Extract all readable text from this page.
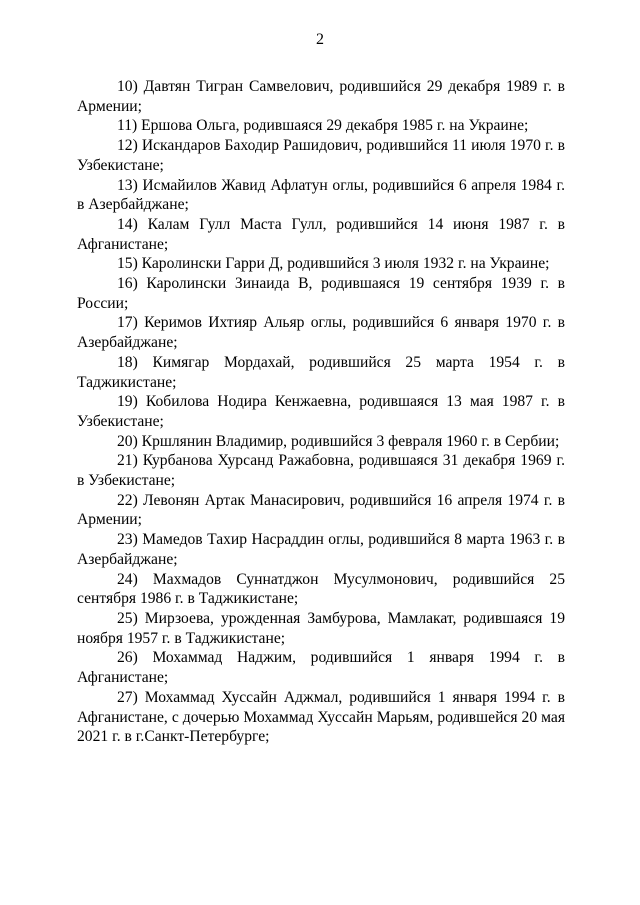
2

10) Давтян Тигран Самвелович, родившийся 29 декабря 1989 г. в Армении;

11) Ершова Ольга, родившаяся 29 декабря 1985 г. на Украине;

12) Искандаров Баходир Рашидович, родившийся 11 июля 1970 г. в Узбекистане;

13) Исмайилов Жавид Афлатун оглы, родившийся 6 апреля 1984 г. в Азербайджане;

14) Калам Гулл Маста Гулл, родившийся 14 июня 1987 г. в Афганистане;

15) Каролински Гарри Д, родившийся 3 июля 1932 г. на Украине;

16) Каролински Зинаида В, родившаяся 19 сентября 1939 г. в России;

17) Керимов Ихтияр Альяр оглы, родившийся 6 января 1970 г. в Азербайджане;

18) Кимягар Мордахай, родившийся 25 марта 1954 г. в Таджикистане;

19) Кобилова Нодира Кенжаевна, родившаяся 13 мая 1987 г. в Узбекистане;

20) Кршлянин Владимир, родившийся 3 февраля 1960 г. в Сербии;

21) Курбанова Хурсанд Ражабовна, родившаяся 31 декабря 1969 г. в Узбекистане;

22) Левонян Артак Манасирович, родившийся 16 апреля 1974 г. в Армении;

23) Мамедов Тахир Насраддин оглы, родившийся 8 марта 1963 г. в Азербайджане;

24) Махмадов Суннатджон Мусулмонович, родившийся 25 сентября 1986 г. в Таджикистане;

25) Мирзоева, урожденная Замбурова, Мамлакат, родившаяся 19 ноября 1957 г. в Таджикистане;

26) Мохаммад Наджим, родившийся 1 января 1994 г. в Афганистане;

27) Мохаммад Хуссайн Аджмал, родившийся 1 января 1994 г. в Афганистане, с дочерью Мохаммад Хуссайн Марьям, родившейся 20 мая 2021 г. в г.Санкт-Петербурге;
